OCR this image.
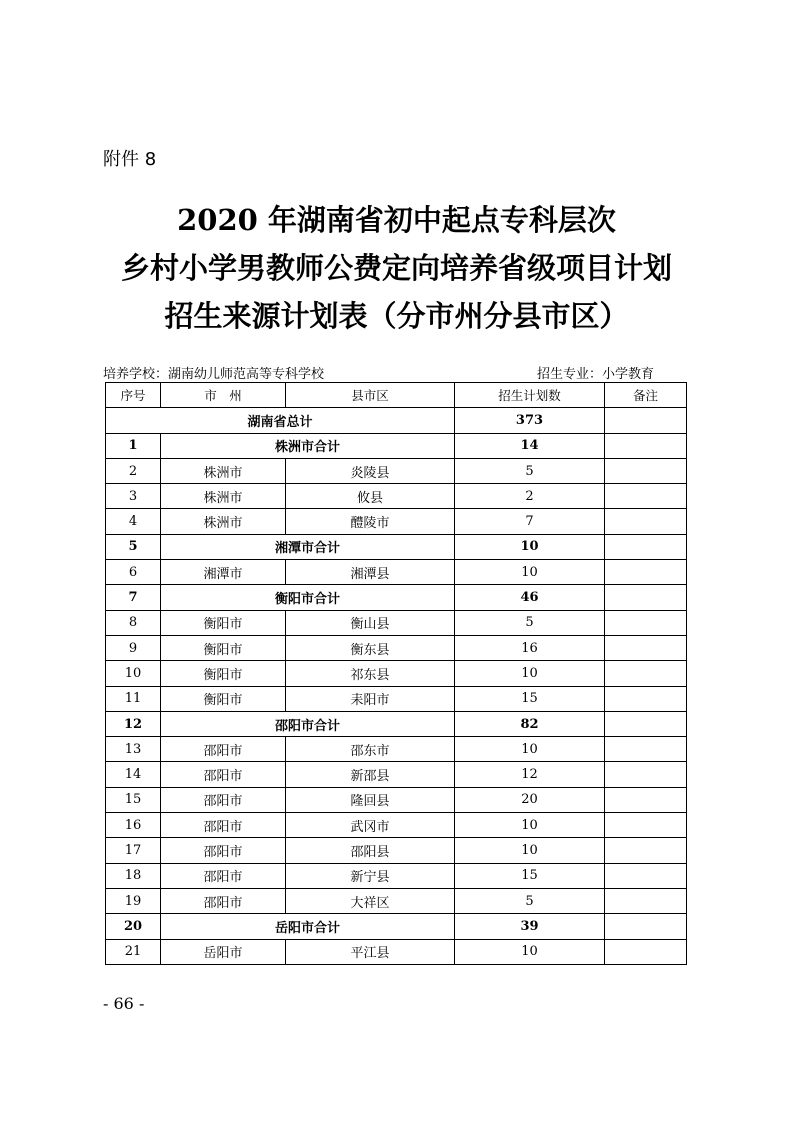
附件 8
2020 年湖南省初中起点专科层次
乡村小学男教师公费定向培养省级项目计划
招生来源计划表（分市州分县市区）
培养学校：湖南幼儿师范高等专科学校	招生专业：小学教育
序号	市　州	县市区	招生计划数	备注
湖南省总计			373	
1	株洲市合计		14	
2	株洲市	炎陵县	5	
3	株洲市	攸县	2	
4	株洲市	醴陵市	7	
5	湘潭市合计		10	
6	湘潭市	湘潭县	10	
7	衡阳市合计		46	
8	衡阳市	衡山县	5	
9	衡阳市	衡东县	16	
10	衡阳市	祁东县	10	
11	衡阳市	耒阳市	15	
12	邵阳市合计		82	
13	邵阳市	邵东市	10	
14	邵阳市	新邵县	12	
15	邵阳市	隆回县	20	
16	邵阳市	武冈市	10	
17	邵阳市	邵阳县	10	
18	邵阳市	新宁县	15	
19	邵阳市	大祥区	5	
20	岳阳市合计		39	
21	岳阳市	平江县	10	
- 66 -
